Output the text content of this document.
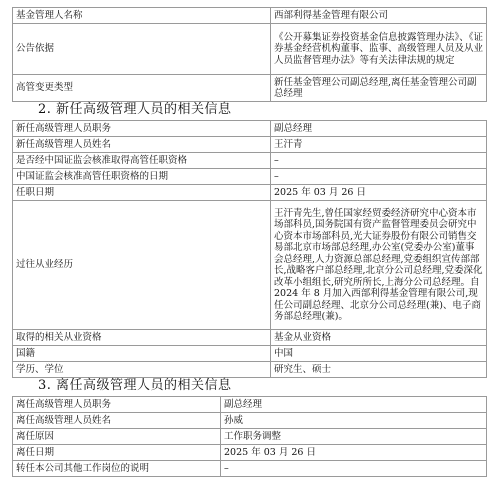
基金管理人名称	西部利得基金管理有限公司
公告依据	《公开募集证券投资基金信息披露管理办法》、《证券基金经营机构董事、监事、高级管理人员及从业人员监督管理办法》等有关法律法规的规定
高管变更类型	新任基金管理公司副总经理,离任基金管理公司副总经理
2. 新任高级管理人员的相关信息
新任高级管理人员职务	副总经理
新任高级管理人员姓名	王汗青
是否经中国证监会核准取得高管任职资格	–
中国证监会核准高管任职资格的日期	–
任职日期	2025 年 03 月 26 日
过往从业经历	王汗青先生,曾任国家经贸委经济研究中心资本市场部科员,国务院国有资产监督管理委员会研究中心资本市场部科员,光大证券股份有限公司销售交易部北京市场部总经理,办公室(党委办公室)董事会总经理,人力资源总部总经理,党委组织宣传部部长,战略客户部总经理,北京分公司总经理,党委深化改革小组组长,研究所所长,上海分公司总经理。自 2024 年 8 月加入西部利得基金管理有限公司,现任公司副总经理、北京分公司总经理(兼)、电子商务部总经理(兼)。
取得的相关从业资格	基金从业资格
国籍	中国
学历、学位	研究生、硕士
3. 离任高级管理人员的相关信息
离任高级管理人员职务	副总经理
离任高级管理人员姓名	孙威
离任原因	工作职务调整
离任日期	2025 年 03 月 26 日
转任本公司其他工作岗位的说明	–
